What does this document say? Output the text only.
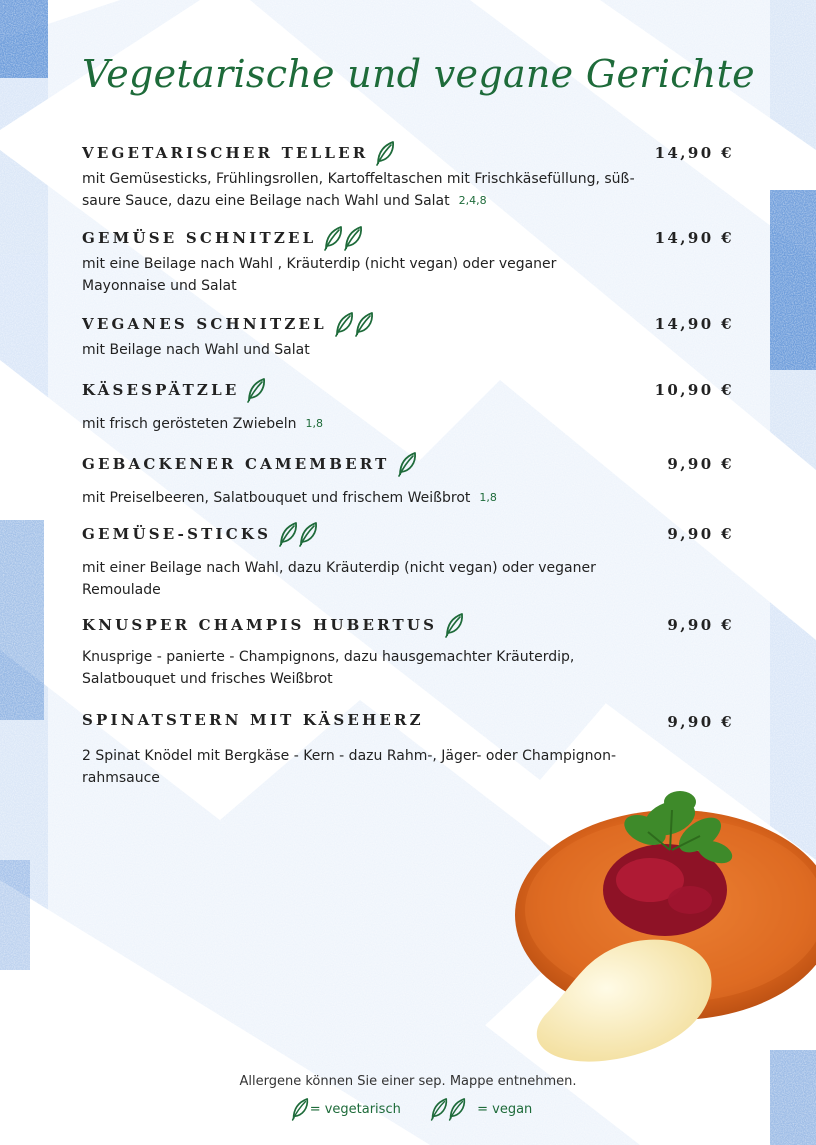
Vegetarische und vegane Gerichte
VEGETARISCHER TELLER	14,90 €
mit Gemüsesticks, Frühlingsrollen, Kartoffeltaschen mit Frischkäsefüllung, süß-saure Sauce, dazu eine Beilage nach Wahl und Salat 2,4,8
GEMÜSE SCHNITZEL	14,90 €
mit eine Beilage nach Wahl , Kräuterdip (nicht vegan) oder veganer Mayonnaise und Salat
VEGANES SCHNITZEL	14,90 €
mit Beilage nach Wahl und Salat
KÄSESPÄTZLE	10,90 €
mit frisch gerösteten Zwiebeln 1,8
GEBACKENER CAMEMBERT	9,90 €
mit Preiselbeeren, Salatbouquet und frischem Weißbrot 1,8
GEMÜSE-STICKS	9,90 €
mit einer Beilage nach Wahl, dazu Kräuterdip (nicht vegan) oder veganer Remoulade
KNUSPER CHAMPIS HUBERTUS	9,90 €
Knusprige - panierte - Champignons, dazu hausgemachter Kräuterdip, Salatbouquet und frisches Weißbrot
SPINATSTERN MIT KÄSEHERZ	9,90 €
2 Spinat Knödel mit Bergkäse - Kern - dazu Rahm-, Jäger- oder Champignon-rahmsauce
Allergene können Sie einer sep. Mappe entnehmen.
= vegetarisch	= vegan
